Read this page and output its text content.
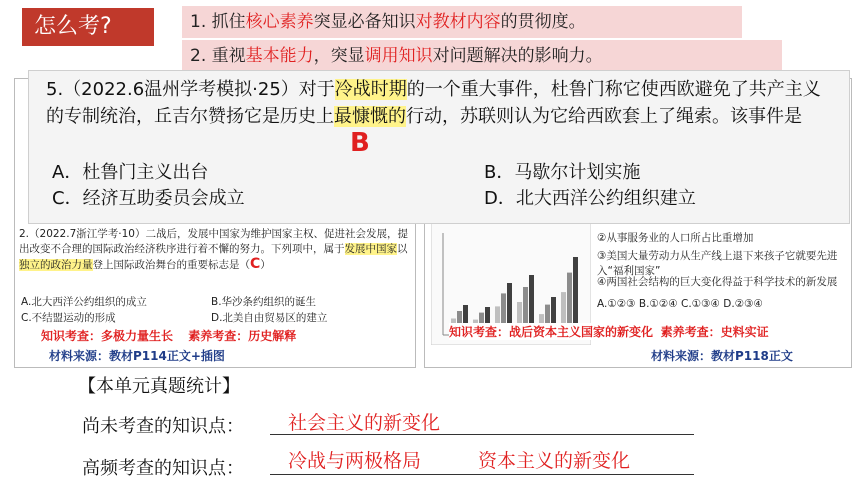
怎么考?	1. 抓住核心素养突显必备知识对教材内容的贯彻度。
2. 重视基本能力，突显调用知识对问题解决的影响力。
2.（2022.7浙江学考·10）二战后，发展中国家为维护国家主权、促进社会发展，提出改变不合理的国际政治经济秩序进行着不懈的努力。下列项中，属于发展中国家以独立的政治力量登上国际政治舞台的重要标志是（C）
A.北大西洋公约组织的成立	B.华沙条约组织的诞生
C.不结盟运动的形成	D.北美自由贸易区的建立
知识考查：多极力量生长 素养考查：历史解释
材料来源：教材P114正文+插图
②从事服务业的人口所占比重增加
③美国大量劳动力从生产线上退下来孩子它就要先进入“福利国家”
④两国社会结构的巨大变化得益于科学技术的新发展
A.①②③ B.①②④ C.①③④ D.②③④
知识考查：战后资本主义国家的新变化 素养考查：史料实证
材料来源：教材P118正文
5.（2022.6温州学考模拟·25）对于冷战时期的一个重大事件，杜鲁门称它使西欧避免了共产主义的专制统治，丘吉尔赞扬它是历史上最慷慨的行动，苏联则认为它给西欧套上了绳索。该事件是
B
A．杜鲁门主义出台	B．马歇尔计划实施
C．经济互助委员会成立	D．北大西洋公约组织建立
【本单元真题统计】
尚未考查的知识点： 社会主义的新变化
高频考查的知识点： 冷战与两极格局	资本主义的新变化
